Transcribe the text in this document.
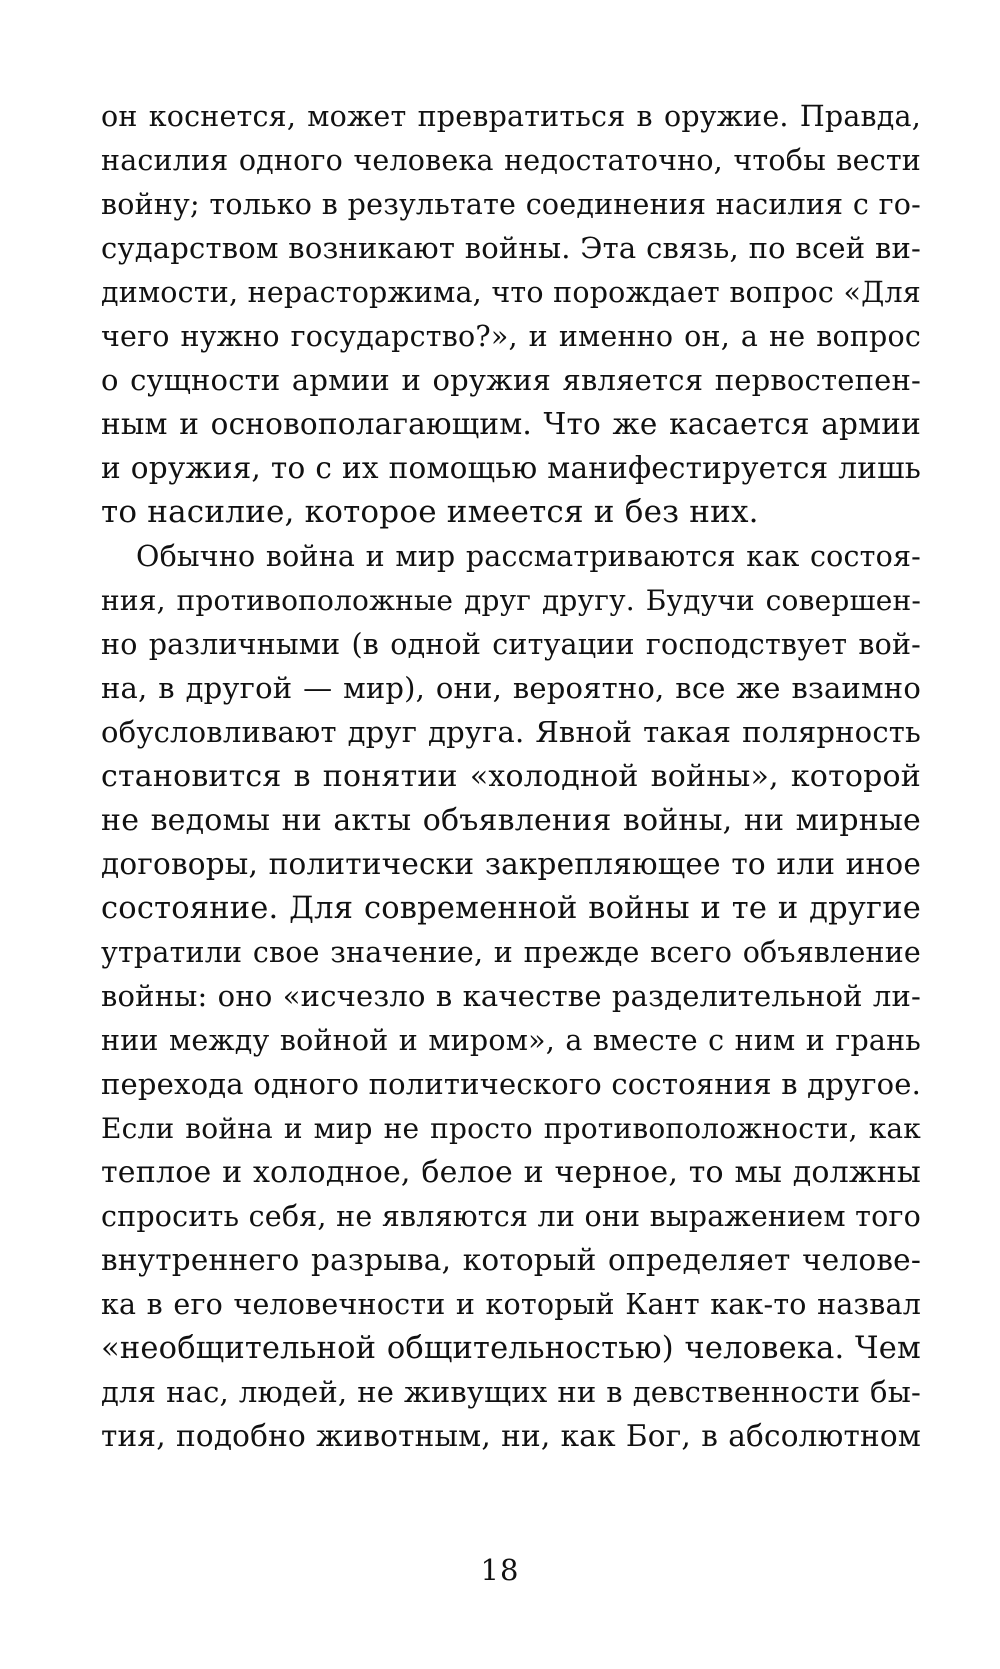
он коснется, может превратиться в оружие. Правда,
насилия одного человека недостаточно, чтобы вести
войну; только в результате соединения насилия с го-
сударством возникают войны. Эта связь, по всей ви-
димости, нерасторжима, что порождает вопрос «Для
чего нужно государство?», и именно он, а не вопрос
о сущности армии и оружия является первостепен-
ным и основополагающим. Что же касается армии
и оружия, то с их помощью манифестируется лишь
то насилие, которое имеется и без них.
Обычно война и мир рассматриваются как состоя-
ния, противоположные друг другу. Будучи совершен-
но различными (в одной ситуации господствует вой-
на, в другой — мир), они, вероятно, все же взаимно
обусловливают друг друга. Явной такая полярность
становится в понятии «холодной войны», которой
не ведомы ни акты объявления войны, ни мирные
договоры, политически закрепляющее то или иное
состояние. Для современной войны и те и другие
утратили свое значение, и прежде всего объявление
войны: оно «исчезло в качестве разделительной ли-
нии между войной и миром», а вместе с ним и грань
перехода одного политического состояния в другое.
Если война и мир не просто противоположности, как
теплое и холодное, белое и черное, то мы должны
спросить себя, не являются ли они выражением того
внутреннего разрыва, который определяет челове-
ка в его человечности и который Кант как-то назвал
«необщительной общительностью) человека. Чем
для нас, людей, не живущих ни в девственности бы-
тия, подобно животным, ни, как Бог, в абсолютном
18
